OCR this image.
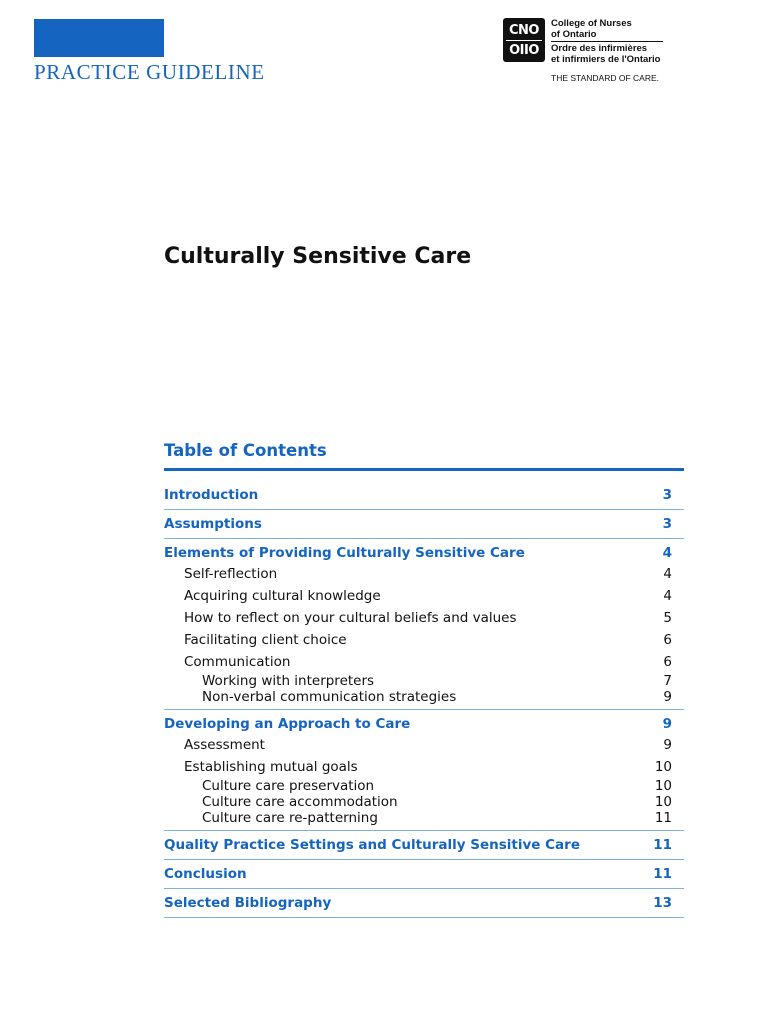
PRACTICE GUIDELINE
CNO
OIIO
College of Nurses
of Ontario
Ordre des infirmières
et infirmiers de l'Ontario
THE STANDARD OF CARE.
Culturally Sensitive Care
Table of Contents
Introduction	3
Assumptions	3
Elements of Providing Culturally Sensitive Care	4
Self-reflection	4
Acquiring cultural knowledge	4
How to reflect on your cultural beliefs and values	5
Facilitating client choice	6
Communication	6
Working with interpreters	7
Non-verbal communication strategies	9
Developing an Approach to Care	9
Assessment	9
Establishing mutual goals	10
Culture care preservation	10
Culture care accommodation	10
Culture care re-patterning	11
Quality Practice Settings and Culturally Sensitive Care	11
Conclusion	11
Selected Bibliography	13
